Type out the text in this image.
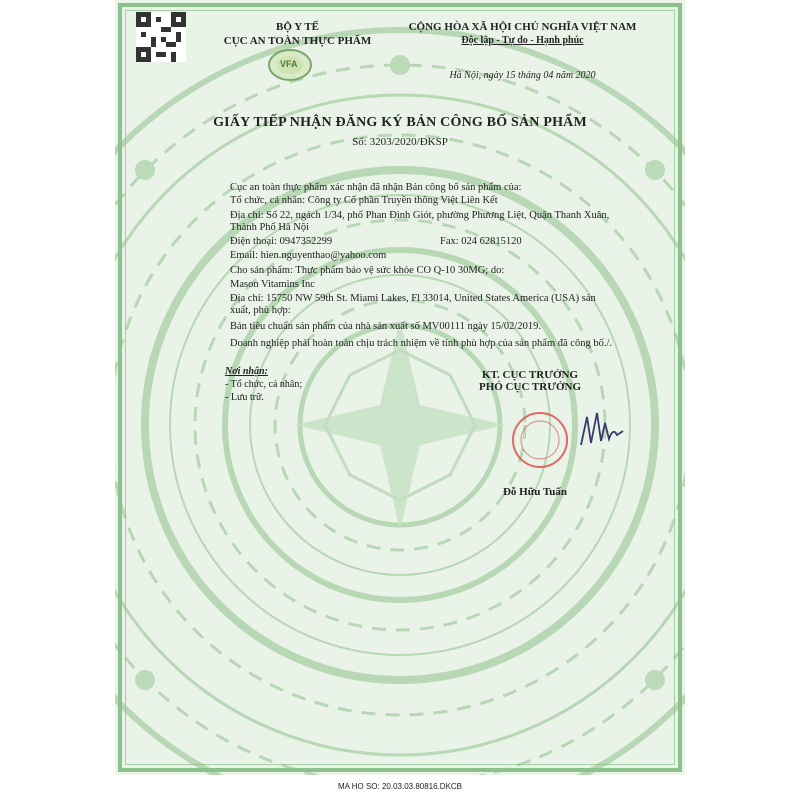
BỘ Y TẾ
CỤC AN TOÀN THỰC PHẨM
VFA
CỘNG HÒA XÃ HỘI CHỦ NGHĨA VIỆT NAM
Độc lập - Tự do - Hạnh phúc
Hà Nội, ngày 15 tháng 04 năm 2020
GIẤY TIẾP NHẬN ĐĂNG KÝ BẢN CÔNG BỐ SẢN PHẨM
Số: 3203/2020/ĐKSP
Cục an toàn thực phẩm xác nhận đã nhận Bản công bố sản phẩm của:
Tổ chức, cá nhân: Công ty Cổ phần Truyền thông Việt Liên Kết
Địa chỉ: Số 22, ngách 1/34, phố Phan Đình Giót, phường Phương Liệt, Quận Thanh Xuân,
Thành Phố Hà Nội
Điện thoại: 0947352299	Fax: 024 62815120
Email: hien.nguyenthao@yahoo.com
Cho sản phẩm: Thực phẩm bảo vệ sức khỏe CO Q-10 30MG; do:
Mason Vitamins Inc
Địa chỉ: 15750 NW 59th St. Miami Lakes, Fl 33014, United States America (USA) sản
xuất, phù hợp:
Bản tiêu chuẩn sản phẩm của nhà sản xuất số MV00111 ngày 15/02/2019.
Doanh nghiệp phải hoàn toàn chịu trách nhiệm về tính phù hợp của sản phẩm đã công bố./.
Nơi nhận:
- Tổ chức, cá nhân;
- Lưu trữ.
KT. CỤC TRƯỞNG
PHÓ CỤC TRƯỞNG
Đỗ Hữu Tuấn
MA HO SO: 20.03.03.80816.DKCB
